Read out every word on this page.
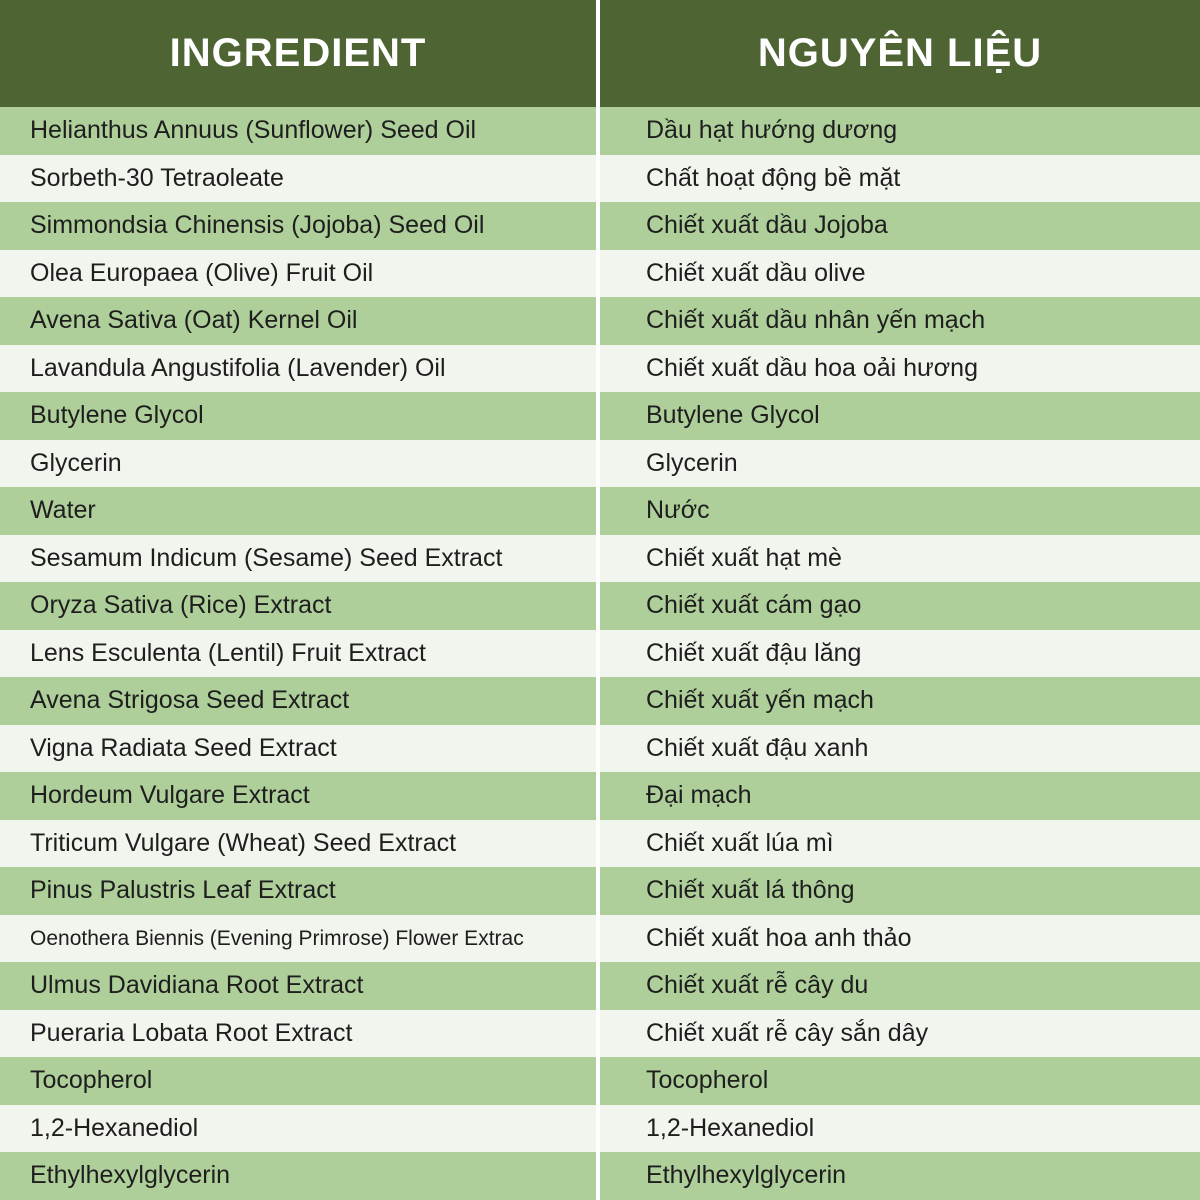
INGREDIENT	NGUYÊN LIỆU
Helianthus Annuus (Sunflower) Seed Oil	Dầu hạt hướng dương
Sorbeth-30 Tetraoleate	Chất hoạt động bề mặt
Simmondsia Chinensis (Jojoba) Seed Oil	Chiết xuất dầu Jojoba
Olea Europaea (Olive) Fruit Oil	Chiết xuất dầu olive
Avena Sativa (Oat) Kernel Oil	Chiết xuất dầu nhân yến mạch
Lavandula Angustifolia (Lavender) Oil	Chiết xuất dầu hoa oải hương
Butylene Glycol	Butylene Glycol
Glycerin	Glycerin
Water	Nước
Sesamum Indicum (Sesame) Seed Extract	Chiết xuất hạt mè
Oryza Sativa (Rice) Extract	Chiết xuất cám gạo
Lens Esculenta (Lentil) Fruit Extract	Chiết xuất đậu lăng
Avena Strigosa Seed Extract	Chiết xuất yến mạch
Vigna Radiata Seed Extract	Chiết xuất đậu xanh
Hordeum Vulgare Extract	Đại mạch
Triticum Vulgare (Wheat) Seed Extract	Chiết xuất lúa mì
Pinus Palustris Leaf Extract	Chiết xuất lá thông
Oenothera Biennis (Evening Primrose) Flower Extrac	Chiết xuất hoa anh thảo
Ulmus Davidiana Root Extract	Chiết xuất rễ cây du
Pueraria Lobata Root Extract	Chiết xuất rễ cây sắn dây
Tocopherol	Tocopherol
1,2-Hexanediol	1,2-Hexanediol
Ethylhexylglycerin	Ethylhexylglycerin
